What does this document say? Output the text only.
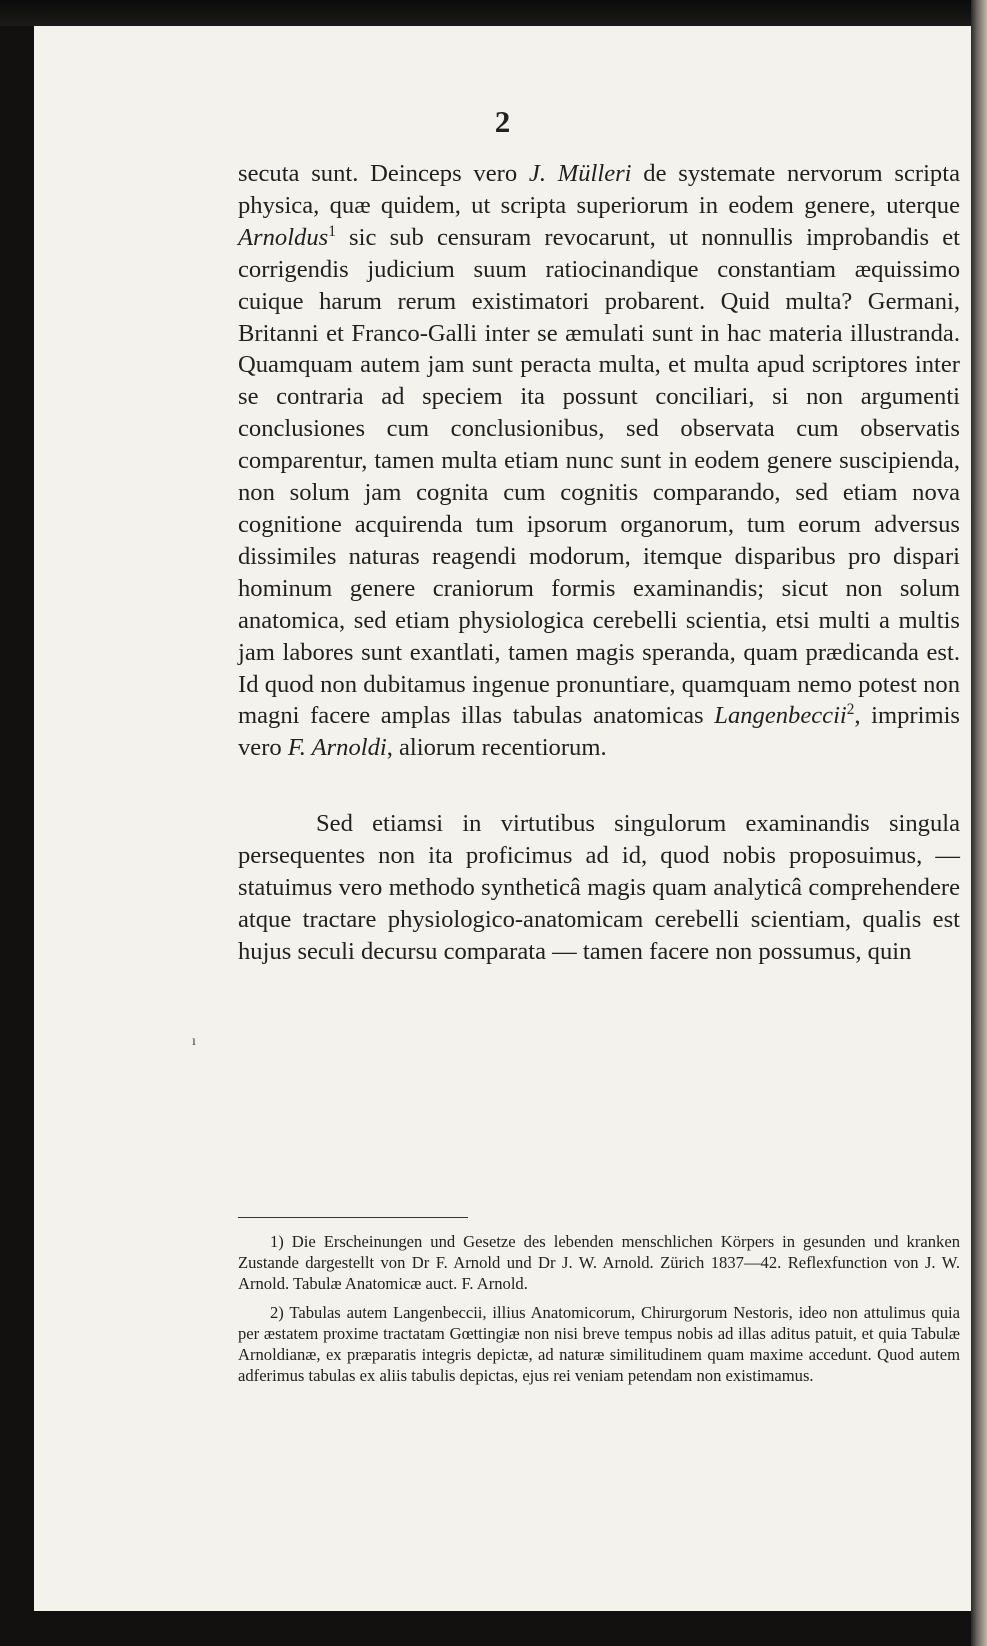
2

secuta sunt. Deinceps vero J. Mülleri de systemate nervorum scripta physica, quæ quidem, ut scripta superiorum in eodem genere, uterque Arnoldus$^1$ sic sub censuram revocarunt, ut nonnullis improbandis et corrigendis judicium suum ratiocinandique constantiam æquissimo cuique harum rerum existimatori probarent. Quid multa? Germani, Britanni et Franco-Galli inter se æmulati sunt in hac materia illustranda. Quamquam autem jam sunt peracta multa, et multa apud scriptores inter se contraria ad speciem ita possunt conciliari, si non argumenti conclusiones cum conclusionibus, sed observata cum observatis comparentur, tamen multa etiam nunc sunt in eodem genere suscipienda, non solum jam cognita cum cognitis comparando, sed etiam nova cognitione acquirenda tum ipsorum organorum, tum eorum adversus dissimiles naturas reagendi modorum, itemque disparibus pro dispari hominum genere craniorum formis examinandis; sicut non solum anatomica, sed etiam physiologica cerebelli scientia, etsi multi a multis jam labores sunt exantlati, tamen magis speranda, quam prædicanda est. Id quod non dubitamus ingenue pronuntiare, quamquam nemo potest non magni facere amplas illas tabulas anatomicas Langenbeccii$^2$, imprimis vero F. Arnoldi, aliorum recentiorum.

Sed etiamsi in virtutibus singulorum examinandis singula persequentes non ita proficimus ad id, quod nobis proposuimus, — statuimus vero methodo syntheticâ magis quam analyticâ comprehendere atque tractare physiologico-anatomicam cerebelli scientiam, qualis est hujus seculi decursu comparata — tamen facere non possumus, quin

ı

1) Die Erscheinungen und Gesetze des lebenden menschlichen Körpers in gesunden und kranken Zustande dargestellt von Dr F. Arnold und Dr J. W. Arnold. Zürich 1837—42. Reflexfunction von J. W. Arnold. Tabulæ Anatomicæ auct. F. Arnold.

2) Tabulas autem Langenbeccii, illius Anatomicorum, Chirurgorum Nestoris, ideo non attulimus quia per æstatem proxime tractatam Gœttingiæ non nisi breve tempus nobis ad illas aditus patuit, et quia Tabulæ Arnoldianæ, ex præparatis integris depictæ, ad naturæ similitudinem quam maxime accedunt. Quod autem adferimus tabulas ex aliis tabulis depictas, ejus rei veniam petendam non existimamus.
